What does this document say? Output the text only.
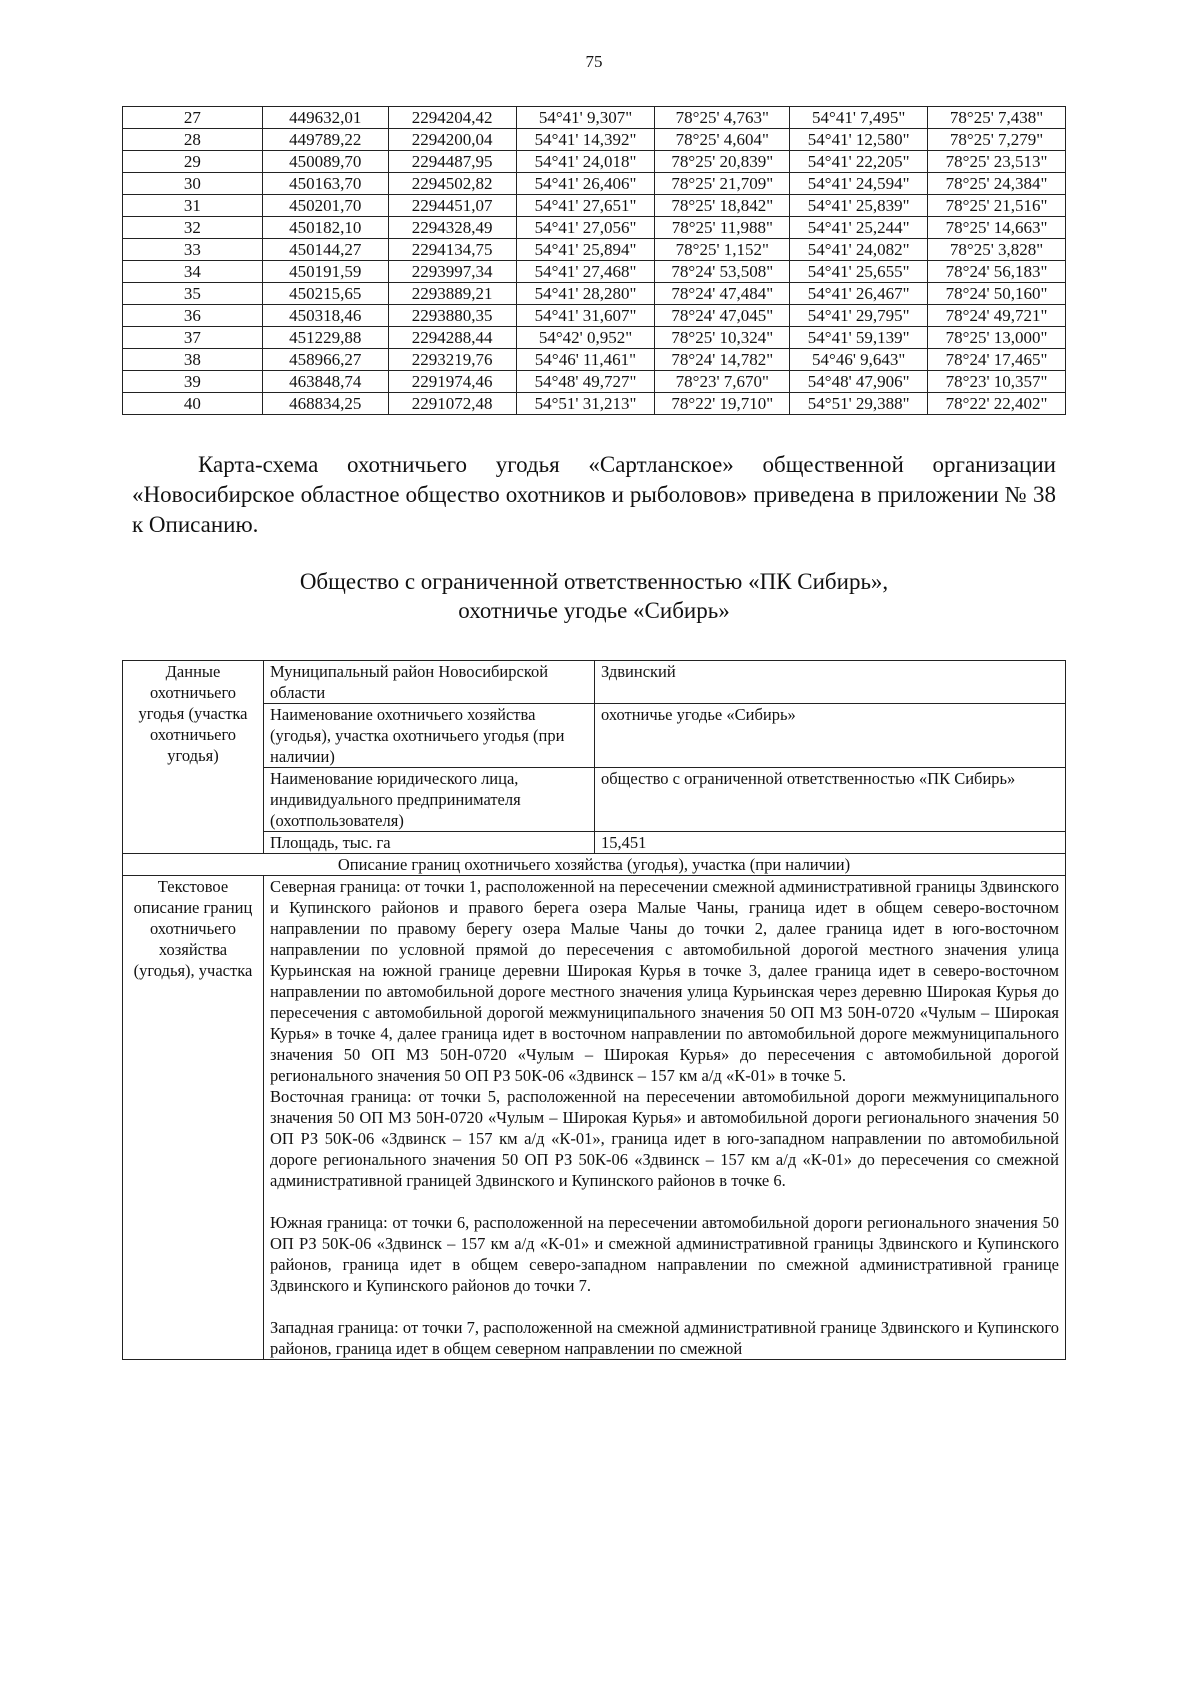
75
27	449632,01	2294204,42	54°41' 9,307"	78°25' 4,763"	54°41' 7,495"	78°25' 7,438"
28	449789,22	2294200,04	54°41' 14,392"	78°25' 4,604"	54°41' 12,580"	78°25' 7,279"
29	450089,70	2294487,95	54°41' 24,018"	78°25' 20,839"	54°41' 22,205"	78°25' 23,513"
30	450163,70	2294502,82	54°41' 26,406"	78°25' 21,709"	54°41' 24,594"	78°25' 24,384"
31	450201,70	2294451,07	54°41' 27,651"	78°25' 18,842"	54°41' 25,839"	78°25' 21,516"
32	450182,10	2294328,49	54°41' 27,056"	78°25' 11,988"	54°41' 25,244"	78°25' 14,663"
33	450144,27	2294134,75	54°41' 25,894"	78°25' 1,152"	54°41' 24,082"	78°25' 3,828"
34	450191,59	2293997,34	54°41' 27,468"	78°24' 53,508"	54°41' 25,655"	78°24' 56,183"
35	450215,65	2293889,21	54°41' 28,280"	78°24' 47,484"	54°41' 26,467"	78°24' 50,160"
36	450318,46	2293880,35	54°41' 31,607"	78°24' 47,045"	54°41' 29,795"	78°24' 49,721"
37	451229,88	2294288,44	54°42' 0,952"	78°25' 10,324"	54°41' 59,139"	78°25' 13,000"
38	458966,27	2293219,76	54°46' 11,461"	78°24' 14,782"	54°46' 9,643"	78°24' 17,465"
39	463848,74	2291974,46	54°48' 49,727"	78°23' 7,670"	54°48' 47,906"	78°23' 10,357"
40	468834,25	2291072,48	54°51' 31,213"	78°22' 19,710"	54°51' 29,388"	78°22' 22,402"

Карта-схема охотничьего угодья «Сартланское» общественной организации «Новосибирское областное общество охотников и рыболовов» приведена в приложении № 38 к Описанию.

Общество с ограниченной ответственностью «ПК Сибирь»,
охотничье угодье «Сибирь»
Данные охотничьего угодья (участка охотничьего угодья)	Муниципальный район Новосибирской области	Здвинский
	Наименование охотничьего хозяйства (угодья), участка охотничьего угодья (при наличии)	охотничье угодье «Сибирь»
	Наименование юридического лица, индивидуального предпринимателя (охотпользователя)	общество с ограниченной ответственностью «ПК Сибирь»
	Площадь, тыс. га	15,451
Описание границ охотничьего хозяйства (угодья), участка (при наличии)		
Текстовое описание границ охотничьего хозяйства (угодья), участка	Северная граница: от точки 1, расположенной на пересечении смежной административной границы Здвинского и Купинского районов и правого берега озера Малые Чаны, граница идет в общем северо-восточном направлении по правому берегу озера Малые Чаны до точки 2, далее граница идет в юго-восточном направлении по условной прямой до пересечения с автомобильной дорогой местного значения улица Курьинская на южной границе деревни Широкая Курья в точке 3, далее граница идет в северо-восточном направлении по автомобильной дороге местного значения улица Курьинская через деревню Широкая Курья до пересечения с автомобильной дорогой межмуниципального значения 50 ОП МЗ 50Н-0720 «Чулым – Широкая Курья» в точке 4, далее граница идет в восточном направлении по автомобильной дороге межмуниципального значения 50 ОП МЗ 50Н-0720 «Чулым – Широкая Курья» до пересечения с автомобильной дорогой регионального значения 50 ОП РЗ 50К-06 «Здвинск – 157 км а/д «К-01» в точке 5.

Восточная граница: от точки 5, расположенной на пересечении автомобильной дороги межмуниципального значения 50 ОП МЗ 50Н-0720 «Чулым – Широкая Курья» и автомобильной дороги регионального значения 50 ОП РЗ 50К-06 «Здвинск – 157 км а/д «К-01», граница идет в юго-западном направлении по автомобильной дороге регионального значения 50 ОП РЗ 50К-06 «Здвинск – 157 км а/д «К-01» до пересечения со смежной административной границей Здвинского и Купинского районов в точке 6.

Южная граница: от точки 6, расположенной на пересечении автомобильной дороги регионального значения 50 ОП РЗ 50К-06 «Здвинск – 157 км а/д «К-01» и смежной административной границы Здвинского и Купинского районов, граница идет в общем северо-западном направлении по смежной административной границе Здвинского и Купинского районов до точки 7.

Западная граница: от точки 7, расположенной на смежной административной границе Здвинского и Купинского районов, граница идет в общем северном направлении по смежной	
